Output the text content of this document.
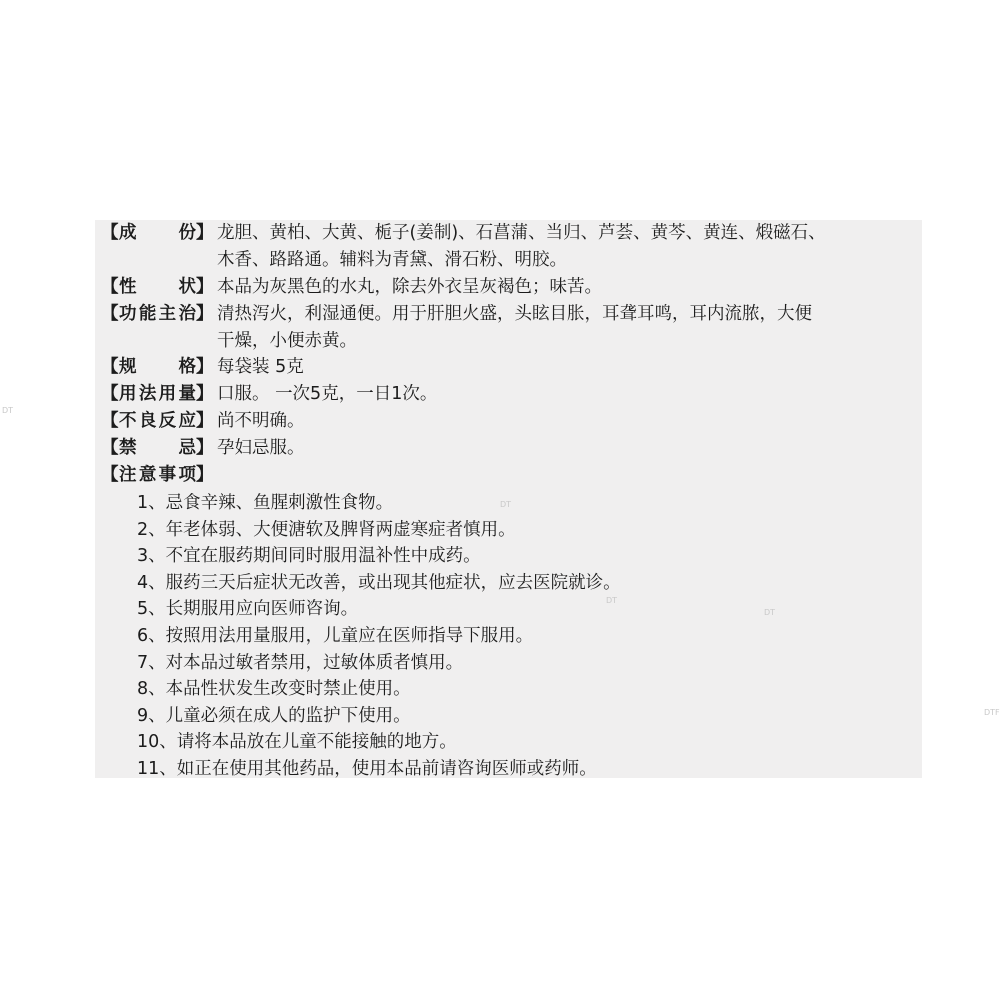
【 成 份 】 龙胆、黄柏、大黄、栀子(姜制)、石菖蒲、当归、芦荟、黄芩、黄连、煅磁石、
木香、路路通。辅料为青黛、滑石粉、明胶。
【 性 状 】 本品为灰黑色的水丸，除去外衣呈灰褐色；味苦。
【 功 能 主 治 】 清热泻火，利湿通便。用于肝胆火盛，头眩目胀，耳聋耳鸣，耳内流脓，大便
干燥，小便赤黄。
【 规 格 】 每袋装 5克
【 用 法 用 量 】 口服。 一次5克，一日1次。
【 不 良 反 应 】 尚不明确。
【 禁 忌 】 孕妇忌服。
【 注 意 事 项 】
1、忌食辛辣、鱼腥刺激性食物。
2、年老体弱、大便溏软及脾肾两虚寒症者慎用。
3、不宜在服药期间同时服用温补性中成药。
4、服药三天后症状无改善，或出现其他症状，应去医院就诊。
5、长期服用应向医师咨询。
6、按照用法用量服用，儿童应在医师指导下服用。
7、对本品过敏者禁用，过敏体质者慎用。
8、本品性状发生改变时禁止使用。
9、儿童必须在成人的监护下使用。
10、请将本品放在儿童不能接触的地方。
11、如正在使用其他药品，使用本品前请咨询医师或药师。
DT
DT
DT
DT
DTF
